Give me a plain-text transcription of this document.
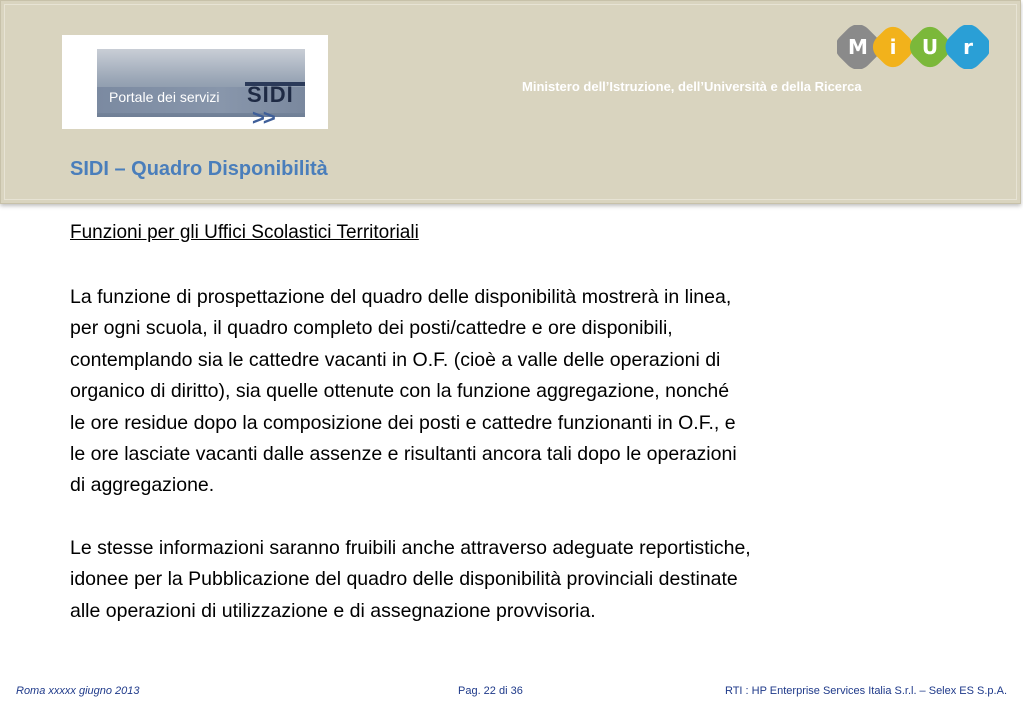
Portale dei servizi SIDI
>>
M i U r
Ministero dell’Istruzione, dell’Università e della Ricerca
SIDI – Quadro Disponibilità
Funzioni per gli Uffici Scolastici Territoriali
La funzione di prospettazione del quadro delle disponibilità mostrerà in linea,
per ogni scuola, il quadro completo dei posti/cattedre e ore disponibili,
contemplando sia le cattedre vacanti in O.F. (cioè a valle delle operazioni di
organico di diritto), sia quelle ottenute con la funzione aggregazione, nonché
le ore residue dopo la composizione dei posti e cattedre funzionanti in O.F., e
le ore lasciate vacanti dalle assenze e risultanti ancora tali dopo le operazioni
di aggregazione.
Le stesse informazioni saranno fruibili anche attraverso adeguate reportistiche,
idonee per la Pubblicazione del quadro delle disponibilità provinciali destinate
alle operazioni di utilizzazione e di assegnazione provvisoria.
Roma xxxxx giugno 2013	Pag. 22 di 36	RTI : HP Enterprise Services Italia S.r.l. – Selex ES S.p.A.
